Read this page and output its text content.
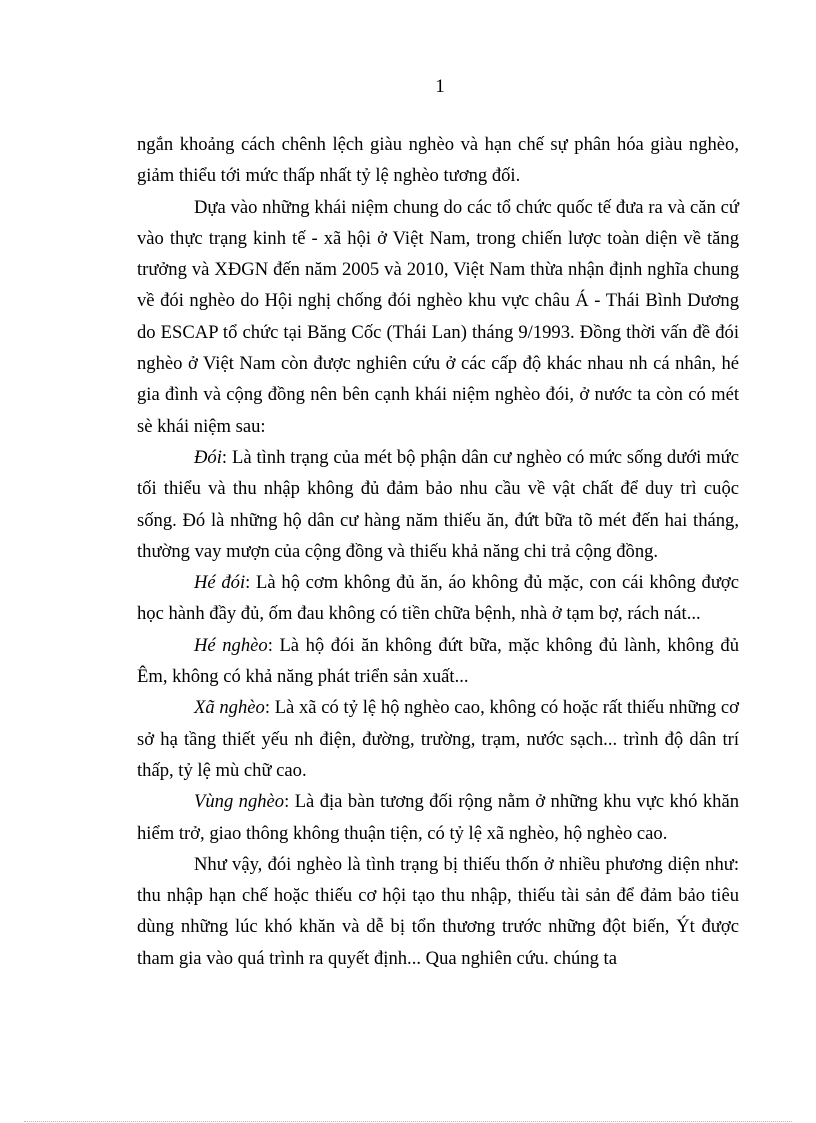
1

ngắn khoảng cách chênh lệch giàu nghèo và hạn chế sự phân hóa giàu nghèo, giảm thiểu tới mức thấp nhất tỷ lệ nghèo tương đối.

Dựa vào những khái niệm chung do các tổ chức quốc tế đưa ra và căn cứ vào thực trạng kinh tế - xã hội ở Việt Nam, trong chiến lược toàn diện về tăng trưởng và XĐGN đến năm 2005 và 2010, Việt Nam thừa nhận định nghĩa chung về đói nghèo do Hội nghị chống đói nghèo khu vực châu Á - Thái Bình Dương do ESCAP tổ chức tại Băng Cốc (Thái Lan) tháng 9/1993. Đồng thời vấn đề đói nghèo ở Việt Nam còn được nghiên cứu ở các cấp độ khác nhau nh cá nhân, hé gia đình và cộng đồng nên bên cạnh khái niệm nghèo đói, ở nước ta còn có mét sè khái niệm sau:

Đói: Là tình trạng của mét bộ phận dân cư nghèo có mức sống dưới mức tối thiểu và thu nhập không đủ đảm bảo nhu cầu về vật chất để duy trì cuộc sống. Đó là những hộ dân cư hàng năm thiếu ăn, đứt bữa tõ mét đến hai tháng, thường vay mượn của cộng đồng và thiếu khả năng chi trả cộng đồng.

Hé đói: Là hộ cơm không đủ ăn, áo không đủ mặc, con cái không được học hành đầy đủ, ốm đau không có tiền chữa bệnh, nhà ở tạm bợ, rách nát...

Hé nghèo: Là hộ đói ăn không đứt bữa, mặc không đủ lành, không đủ Êm, không có khả năng phát triển sản xuất...

Xã nghèo: Là xã có tỷ lệ hộ nghèo cao, không có hoặc rất thiếu những cơ sở hạ tầng thiết yếu nh điện, đường, trường, trạm, nước sạch... trình độ dân trí thấp, tỷ lệ mù chữ cao.

Vùng nghèo: Là địa bàn tương đối rộng nằm ở những khu vực khó khăn hiểm trở, giao thông không thuận tiện, có tỷ lệ xã nghèo, hộ nghèo cao.

Như vậy, đói nghèo là tình trạng bị thiếu thốn ở nhiều phương diện như: thu nhập hạn chế hoặc thiếu cơ hội tạo thu nhập, thiếu tài sản để đảm bảo tiêu dùng những lúc khó khăn và dễ bị tổn thương trước những đột biến, Ýt được tham gia vào quá trình ra quyết định... Qua nghiên cứu. chúng ta
